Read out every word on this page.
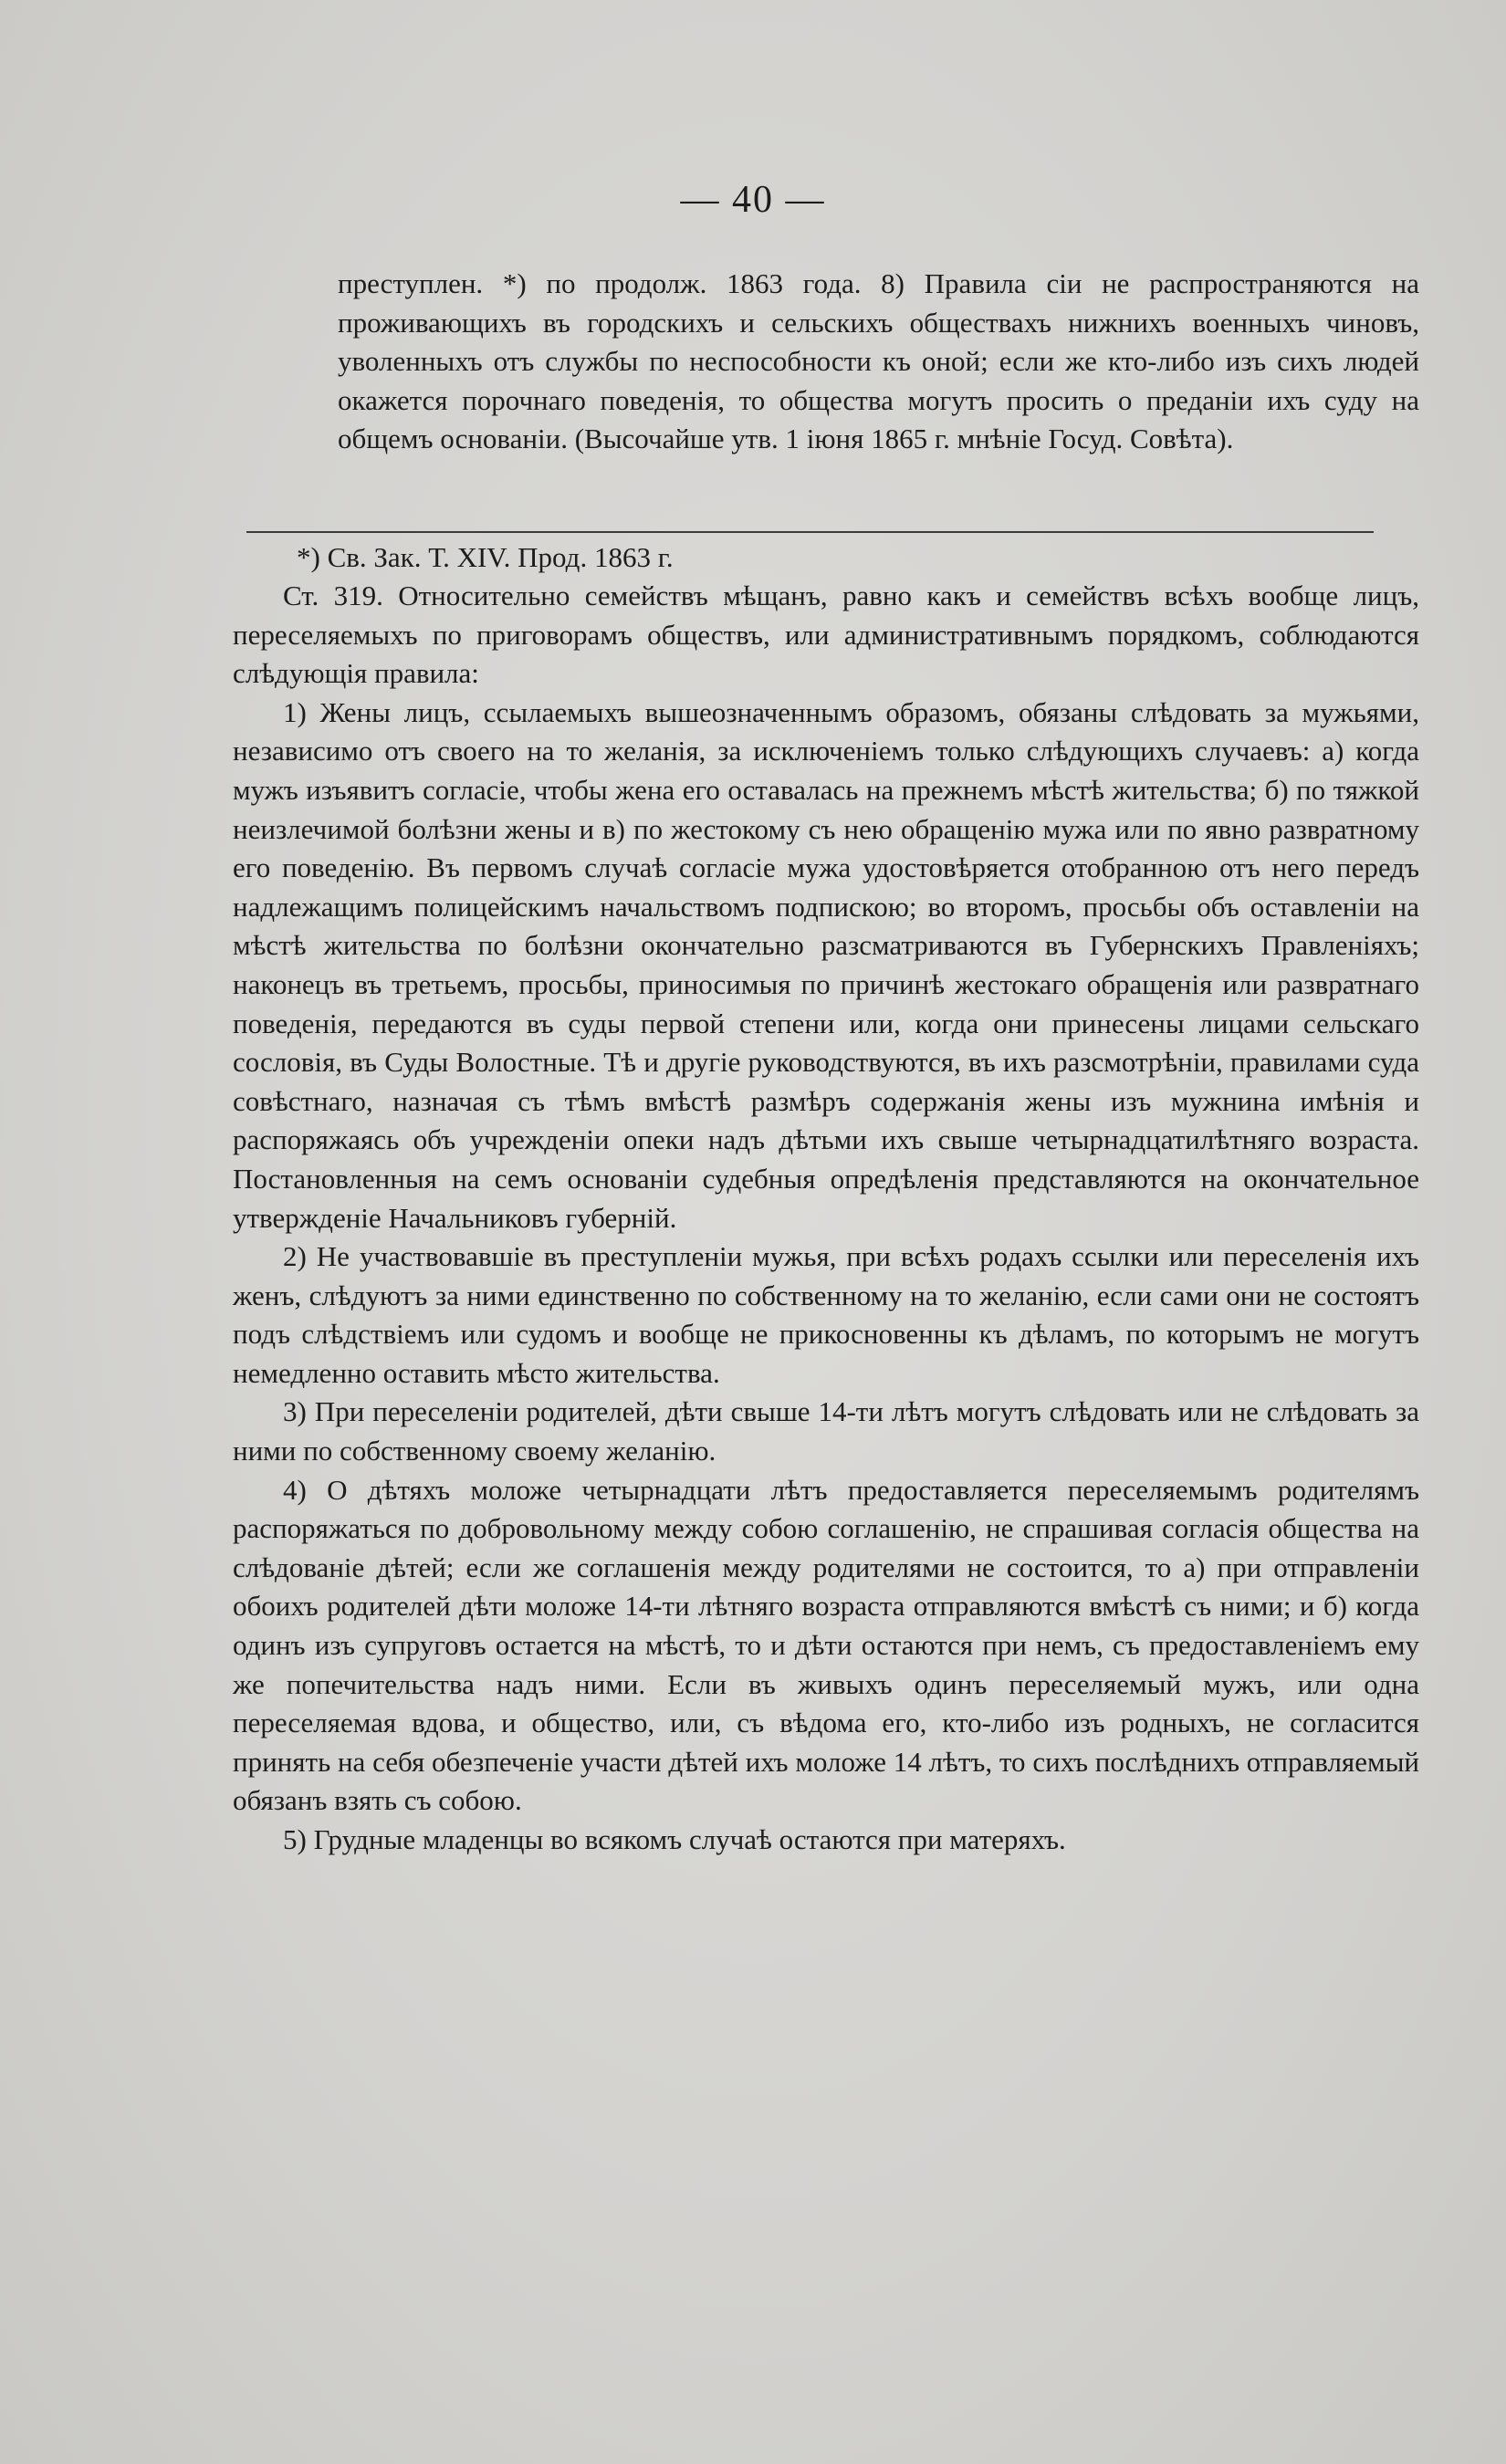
— 40 —

преступлен. *) по продолж. 1863 года. 8) Правила сіи не распространяются на проживающихъ въ городскихъ и сельскихъ обществахъ нижнихъ военныхъ чиновъ, уволенныхъ отъ службы по неспособности къ оной; если же кто-либо изъ сихъ людей окажется порочнаго поведенія, то общества могутъ просить о преданіи ихъ суду на общемъ основаніи. (Высочайше утв. 1 іюня 1865 г. мнѣніе Госуд. Совѣта).

*) Св. Зак. Т. XIV. Прод. 1863 г.

Ст. 319. Относительно семействъ мѣщанъ, равно какъ и семействъ всѣхъ вообще лицъ, переселяемыхъ по приговорамъ обществъ, или административнымъ порядкомъ, соблюдаются слѣдующія правила:

1) Жены лицъ, ссылаемыхъ вышеозначеннымъ образомъ, обязаны слѣдовать за мужьями, независимо отъ своего на то желанія, за исключеніемъ только слѣдующихъ случаевъ: а) когда мужъ изъявитъ согласіе, чтобы жена его оставалась на прежнемъ мѣстѣ жительства; б) по тяжкой неизлечимой болѣзни жены и в) по жестокому съ нею обращенію мужа или по явно развратному его поведенію. Въ первомъ случаѣ согласіе мужа удостовѣряется отобранною отъ него передъ надлежащимъ полицейскимъ начальствомъ подпискою; во второмъ, просьбы объ оставленіи на мѣстѣ жительства по болѣзни окончательно разсматриваются въ Губернскихъ Правленіяхъ; наконецъ въ третьемъ, просьбы, приносимыя по причинѣ жестокаго обращенія или развратнаго поведенія, передаются въ суды первой степени или, когда они принесены лицами сельскаго сословія, въ Суды Волостные. Тѣ и другіе руководствуются, въ ихъ разсмотрѣніи, правилами суда совѣстнаго, назначая съ тѣмъ вмѣстѣ размѣръ содержанія жены изъ мужнина имѣнія и распоряжаясь объ учрежденіи опеки надъ дѣтьми ихъ свыше четырнадцатилѣтняго возраста. Постановленныя на семъ основаніи судебныя опредѣленія представляются на окончательное утвержденіе Начальниковъ губерній.

2) Не участвовавшіе въ преступленіи мужья, при всѣхъ родахъ ссылки или переселенія ихъ женъ, слѣдуютъ за ними единственно по собственному на то желанію, если сами они не состоятъ подъ слѣдствіемъ или судомъ и вообще не прикосновенны къ дѣламъ, по которымъ не могутъ немедленно оставить мѣсто жительства.

3) При переселеніи родителей, дѣти свыше 14-ти лѣтъ могутъ слѣдовать или не слѣдовать за ними по собственному своему желанію.

4) О дѣтяхъ моложе четырнадцати лѣтъ предоставляется переселяемымъ родителямъ распоряжаться по добровольному между собою соглашенію, не спрашивая согласія общества на слѣдованіе дѣтей; если же соглашенія между родителями не состоится, то а) при отправленіи обоихъ родителей дѣти моложе 14-ти лѣтняго возраста отправляются вмѣстѣ съ ними; и б) когда одинъ изъ супруговъ остается на мѣстѣ, то и дѣти остаются при немъ, съ предоставленіемъ ему же попечительства надъ ними. Если въ живыхъ одинъ переселяемый мужъ, или одна переселяемая вдова, и общество, или, съ вѣдома его, кто-либо изъ родныхъ, не согласится принять на себя обезпеченіе участи дѣтей ихъ моложе 14 лѣтъ, то сихъ послѣднихъ отправляемый обязанъ взять съ собою.

5) Грудные младенцы во всякомъ случаѣ остаются при матеряхъ.
